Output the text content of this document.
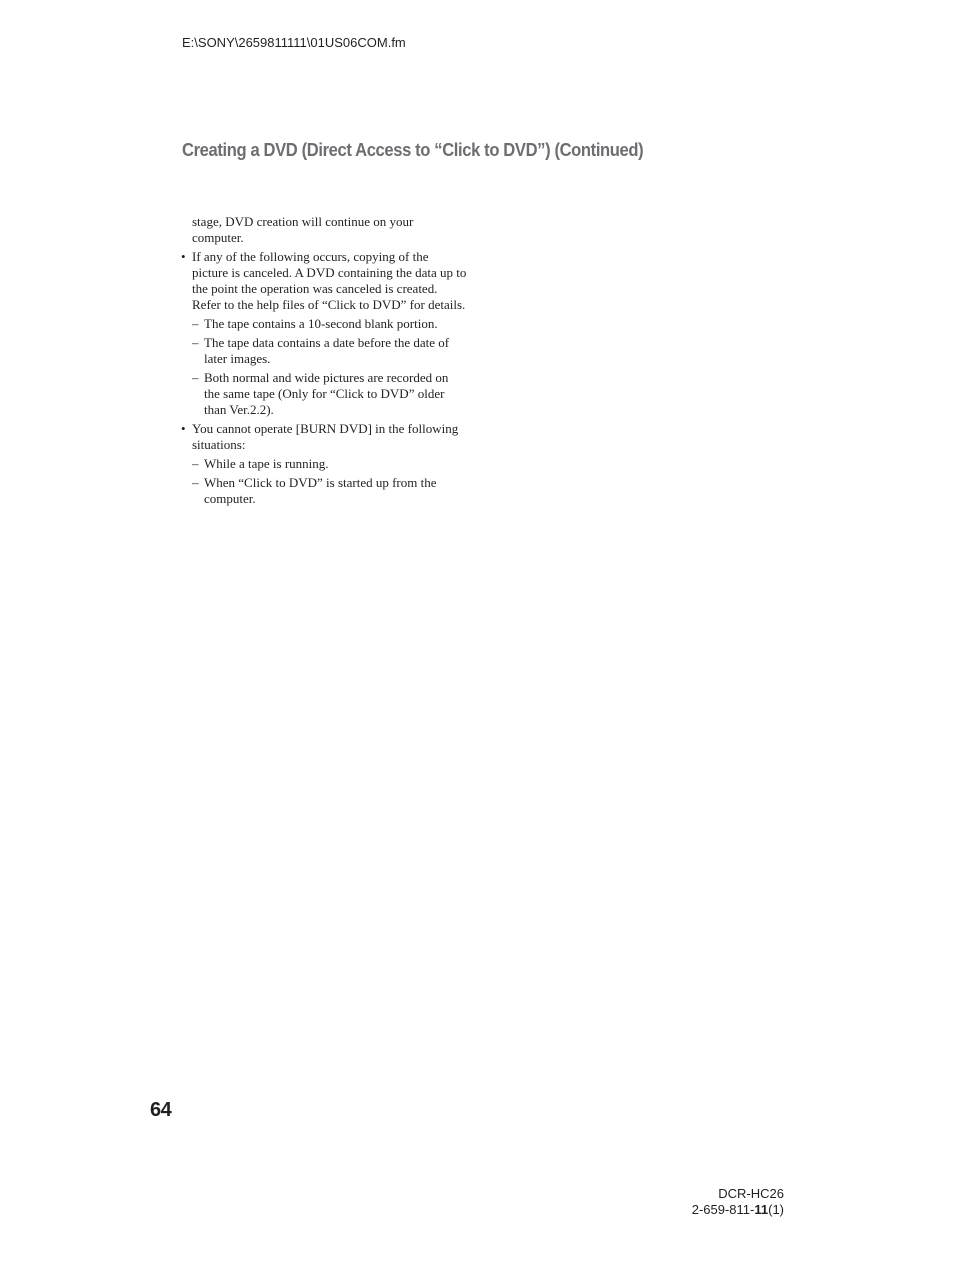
E:\SONY\2659811111\01US06COM.fm
Creating a DVD (Direct Access to “Click to DVD”) (Continued)

stage, DVD creation will continue on your computer.

• If any of the following occurs, copying of the picture is canceled. A DVD containing the data up to the point the operation was canceled is created. Refer to the help files of “Click to DVD” for details.
– The tape contains a 10-second blank portion.
– The tape data contains a date before the date of later images.
– Both normal and wide pictures are recorded on the same tape (Only for “Click to DVD” older than Ver.2.2).
• You cannot operate [BURN DVD] in the following situations:
– While a tape is running.
– When “Click to DVD” is started up from the computer.
64
DCR-HC26
2-659-811-11(1)
